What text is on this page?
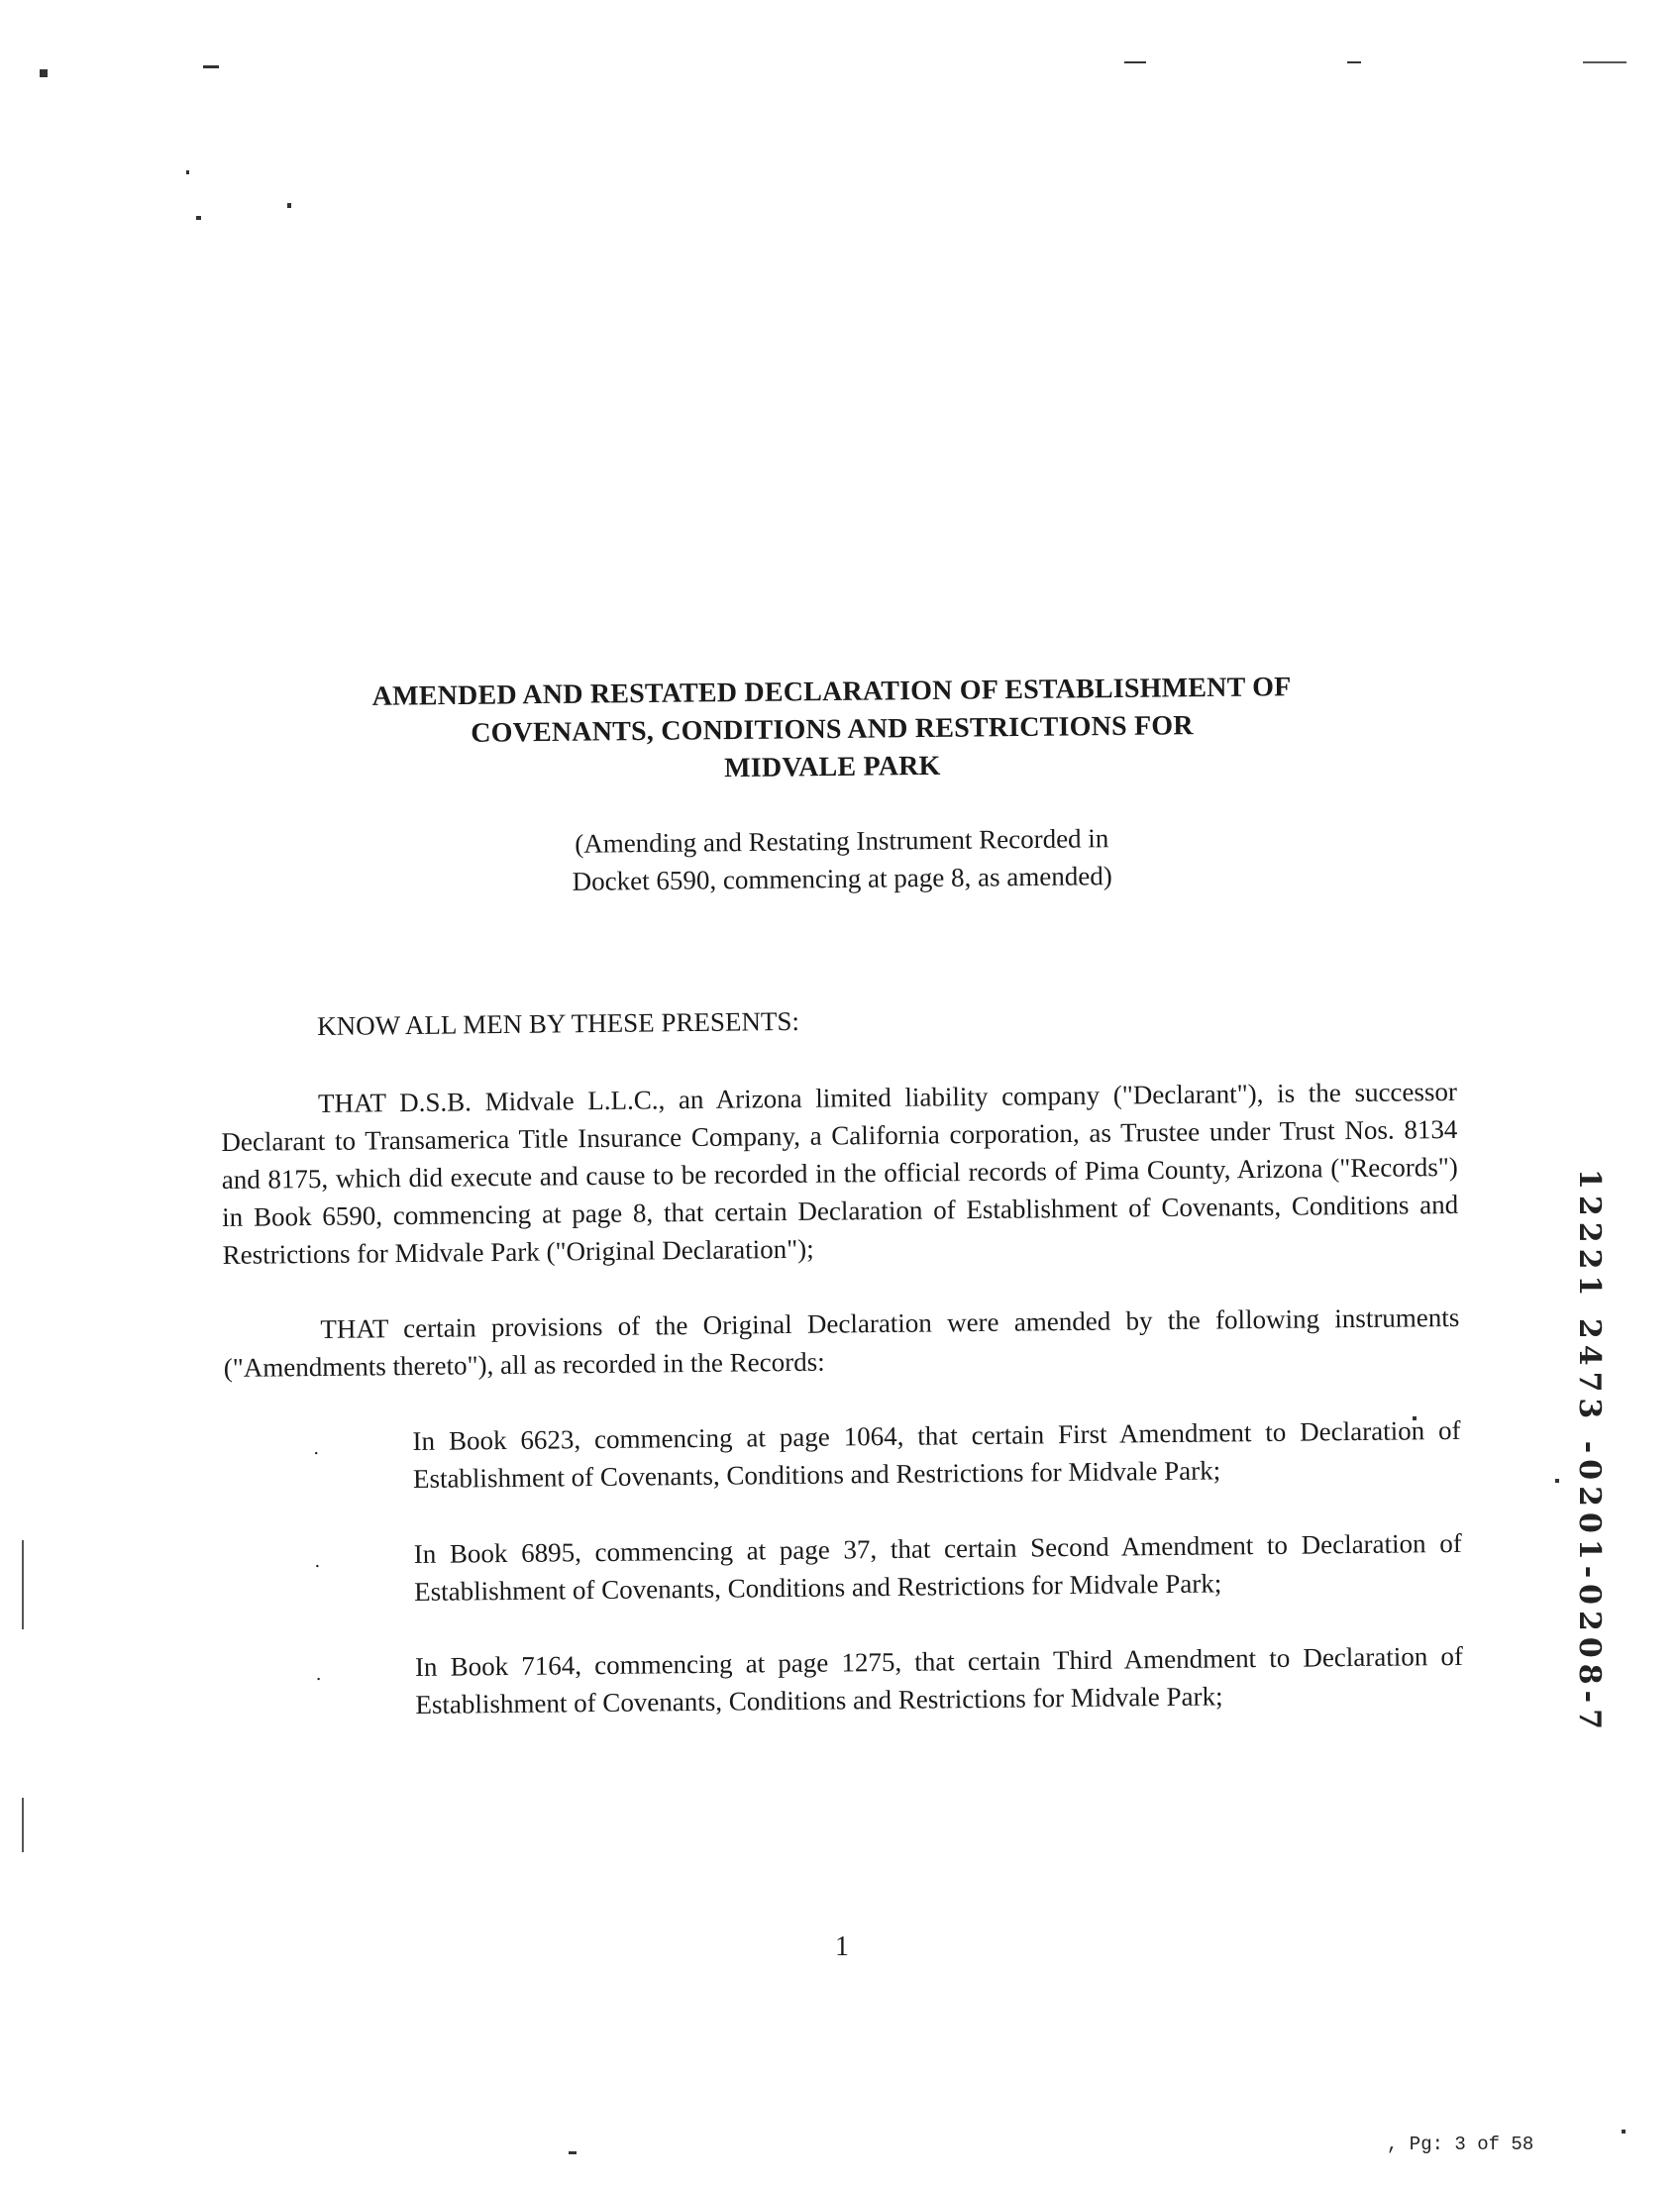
AMENDED AND RESTATED DECLARATION OF ESTABLISHMENT OF
COVENANTS, CONDITIONS AND RESTRICTIONS FOR
MIDVALE PARK
(Amending and Restating Instrument Recorded in
Docket 6590, commencing at page 8, as amended)

KNOW ALL MEN BY THESE PRESENTS:

THAT D.S.B. Midvale L.L.C., an Arizona limited liability company ("Declarant"), is the successor Declarant to Transamerica Title Insurance Company, a California corporation, as Trustee under Trust Nos. 8134 and 8175, which did execute and cause to be recorded in the official records of Pima County, Arizona ("Records") in Book 6590, commencing at page 8, that certain Declaration of Establishment of Covenants, Conditions and Restrictions for Midvale Park ("Original Declaration");

THAT certain provisions of the Original Declaration were amended by the following instruments ("Amendments thereto"), all as recorded in the Records:

.	In Book 6623, commencing at page 1064, that certain First Amendment to Declaration of Establishment of Covenants, Conditions and Restrictions for Midvale Park;
.	In Book 6895, commencing at page 37, that certain Second Amendment to Declaration of Establishment of Covenants, Conditions and Restrictions for Midvale Park;
.	In Book 7164, commencing at page 1275, that certain Third Amendment to Declaration of Establishment of Covenants, Conditions and Restrictions for Midvale Park;	12221 2473 -0201-0208-7
1
, Pg: 3 of 58
